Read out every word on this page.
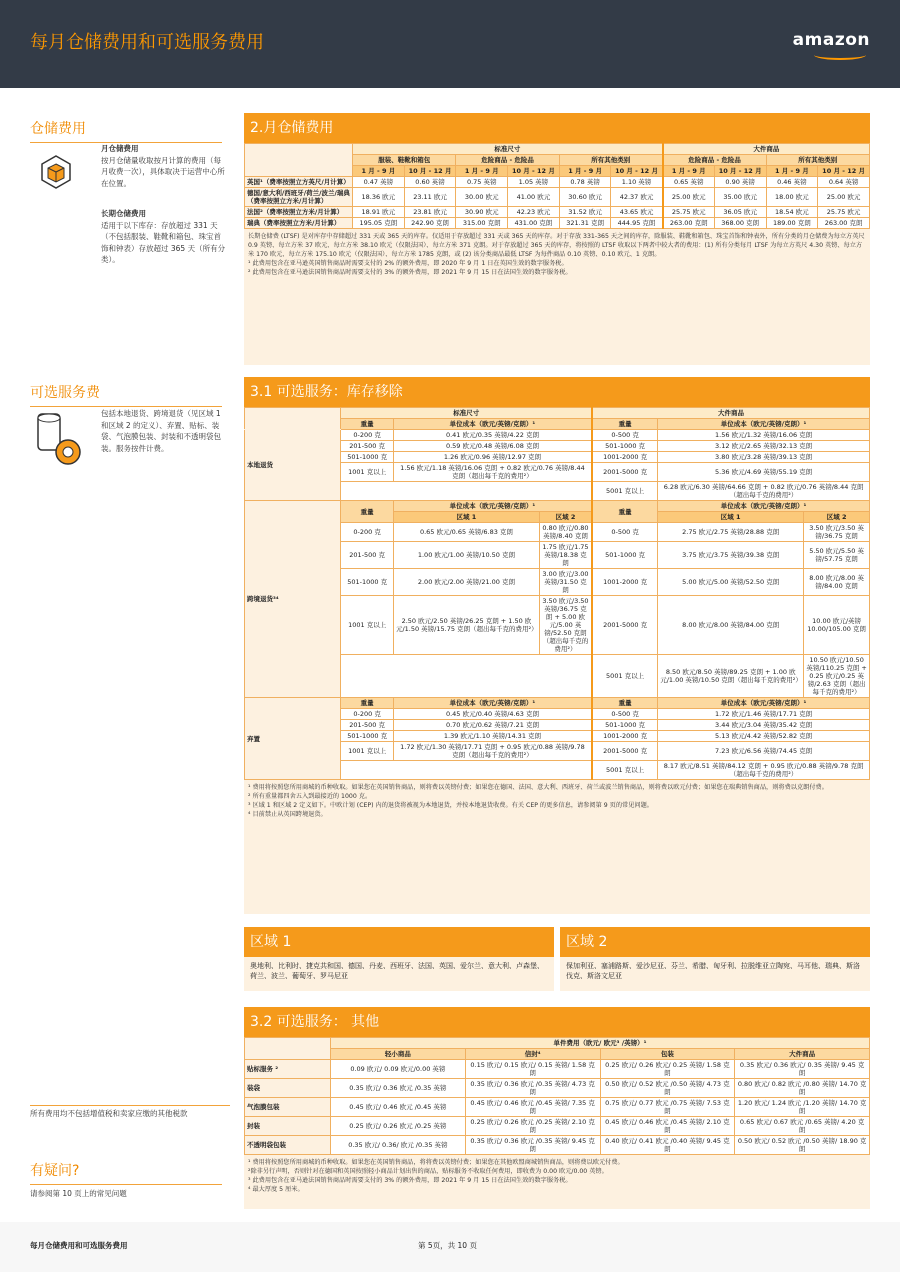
每月仓储费用和可选服务费用	amazon
仓储费用
月仓储费用
按月仓储量收取按月计算的费用（每月收费一次），具体取决于运营中心所在位置。
长期仓储费用
适用于以下库存：存放超过 331 天（不包括服装、鞋靴和箱包、珠宝首饰和钟表）存放超过 365 天（所有分类）。
可选服务费
包括本地退货、跨境退货（见区域 1 和区域 2 的定义）、弃置、贴标、装袋、气泡膜包装、封装和不透明袋包装。服务按件计费。
所有费用均不包括增值税和卖家应缴的其他税款
有疑问?
请参阅第 10 页上的常见问题
2.月仓储费用
	标准尺寸						大件商品			
	服装、鞋靴和箱包		危险商品 - 危险品		所有其他类别		危险商品 - 危险品		所有其他类别	
	1 月 - 9 月	10 月 - 12 月	1 月 - 9 月	10 月 - 12 月	1 月 - 9 月	10 月 - 12 月	1 月 - 9 月	10 月 - 12 月	1 月 - 9 月	10 月 - 12 月
英国¹（费率按照立方英尺/月计算）	0.47 英镑	0.60 英镑	0.75 英镑	1.05 英镑	0.78 英镑	1.10 英镑	0.65 英镑	0.90 英镑	0.46 英镑	0.64 英镑
德国/意大利/西班牙/荷兰/波兰/瑞典（费率按照立方米/月计算）	18.36 欧元	23.11 欧元	30.00 欧元	41.00 欧元	30.60 欧元	42.37 欧元	25.00 欧元	35.00 欧元	18.00 欧元	25.00 欧元
法国²（费率按照立方米/月计算）	18.91 欧元	23.81 欧元	30.90 欧元	42.23 欧元	31.52 欧元	43.65 欧元	25.75 欧元	36.05 欧元	18.54 欧元	25.75 欧元
瑞典（费率按照立方米/月计算）	195.05 克朗	242.90 克朗	315.00 克朗	431.00 克朗	321.31 克朗	444.95 克朗	263.00 克朗	368.00 克朗	189.00 克朗	263.00 克朗
长期仓储费 (LTSF) 是对库存中存储超过 331 天或 365 天的库存。仅适用于存放超过 331 天或 365 天的库存。对于存放 331-365 天之间的库存，除服装、鞋靴和箱包、珠宝首饰和钟表外，所有分类的月仓储费为每立方英尺 0.9 英镑、每立方米 37 欧元、每立方米 38.10 欧元（仅限法国）、每立方米 371 克朗。对于存放超过 365 天的库存，将按照的 LTSF 收取以下两者中较大者的费用：(1) 所有分类每月 LTSF 为每立方英尺 4.30 英镑、每立方米 170 欧元、每立方米 175.10 欧元（仅限法国）、每立方米 1785 克朗，或 (2) 该分类商品最低 LTSF 为每件商品 0.10 英镑、0.10 欧元、1 克朗。
¹ 此费用包含在亚马逊英国销售商品时需要支付的 2% 的额外费用，即 2020 年 9 月 1 日在英国生效的数字服务税。
² 此费用包含在亚马逊法国销售商品时需要支付的 3% 的额外费用，即 2021 年 9 月 15 日在法国生效的数字服务税。
3.1 可选服务：库存移除
	标准尺寸			大件商品		
	重量	单位成本（欧元/英镑/克朗）¹		重量	单位成本（欧元/英镑/克朗）¹	
本地退货	0-200 克	0.41 欧元/0.35 英镑/4.22 克朗		0-500 克	1.56 欧元/1.32 英镑/16.06 克朗	
	201-500 克	0.59 欧元/0.48 英镑/6.08 克朗		501-1000 克	3.12 欧元/2.65 英镑/32.13 克朗	
	501-1000 克	1.26 欧元/0.96 英镑/12.97 克朗		1001-2000 克	3.80 欧元/3.28 英镑/39.13 克朗	
	1001 克以上	1.56 欧元/1.18 英镑/16.06 克朗 + 0.82 欧元/0.76 英镑/8.44 克朗（超出每千克的费用²）		2001-5000 克	5.36 欧元/4.69 英镑/55.19 克朗	
				5001 克以上	6.28 欧元/6.30 英镑/64.66 克朗 + 0.82 欧元/0.76 英镑/8.44 克朗（超出每千克的费用²）	
跨境退货³⁴	重量	单位成本（欧元/英镑/克朗）¹		重量	单位成本（欧元/英镑/克朗）¹	
		区域 1	区域 2		区域 1	区域 2
	0-200 克	0.65 欧元/0.65 英镑/6.83 克朗	0.80 欧元/0.80 英镑/8.40 克朗	0-500 克	2.75 欧元/2.75 英镑/28.88 克朗	3.50 欧元/3.50 英镑/36.75 克朗
	201-500 克	1.00 欧元/1.00 英镑/10.50 克朗	1.75 欧元/1.75 英镑/18.38 克朗	501-1000 克	3.75 欧元/3.75 英镑/39.38 克朗	5.50 欧元/5.50 英镑/57.75 克朗
	501-1000 克	2.00 欧元/2.00 英镑/21.00 克朗	3.00 欧元/3.00 英镑/31.50 克朗	1001-2000 克	5.00 欧元/5.00 英镑/52.50 克朗	8.00 欧元/8.00 英镑/84.00 克朗
	1001 克以上	2.50 欧元/2.50 英镑/26.25 克朗 + 1.50 欧元/1.50 英镑/15.75 克朗（超出每千克的费用²）	3.50 欧元/3.50 英镑/36.75 克朗 + 5.00 欧元/5.00 英镑/52.50 克朗（超出每千克的费用²）	2001-5000 克	8.00 欧元/8.00 英镑/84.00 克朗	10.00 欧元/英镑 10.00/105.00 克朗
				5001 克以上	8.50 欧元/8.50 英镑/89.25 克朗 + 1.00 欧元/1.00 英镑/10.50 克朗（超出每千克的费用²）	10.50 欧元/10.50 英镑/110.25 克朗 + 0.25 欧元/0.25 英镑/2.63 克朗（超出每千克的费用²）

弃置	重量	单位成本（欧元/英镑/克朗）¹		重量	单位成本（欧元/英镑/克朗）¹	
	0-200 克	0.45 欧元/0.40 英镑/4.63 克朗		0-500 克	1.72 欧元/1.46 英镑/17.71 克朗	
	201-500 克	0.70 欧元/0.62 英镑/7.21 克朗		501-1000 克	3.44 欧元/3.04 英镑/35.42 克朗	
	501-1000 克	1.39 欧元/1.10 英镑/14.31 克朗		1001-2000 克	5.13 欧元/4.42 英镑/52.82 克朗	
	1001 克以上	1.72 欧元/1.30 英镑/17.71 克朗 + 0.95 欧元/0.88 英镑/9.78 克朗（超出每千克的费用²）		2001-5000 克	7.23 欧元/6.56 英镑/74.45 克朗	
				5001 克以上	8.17 欧元/8.51 英镑/84.12 克朗 + 0.95 欧元/0.88 英镑/9.78 克朗（超出每千克的费用²）	
¹ 费用将按照您所用商城的币种收取。如果您在英国销售商品，则将费以英镑付费；如果您在德国、法国、意大利、西班牙、荷兰或波兰销售商品，则将费以欧元付费；如果您在瑞典销售商品，则将费以克朗付费。
² 所有重量都四舍五入到最接近的 1000 克。
³ 区域 1 和区域 2 定义如下。中欧计划 (CEP) 内的退货将被视为本地退货，并按本地退货收费。有关 CEP 的更多信息，请参阅第 9 页的常见问题。
⁴ 目前禁止从英国跨境退货。
区域 1
奥地利、比利时、捷克共和国、德国、丹麦、西班牙、法国、英国、爱尔兰、意大利、卢森堡、荷兰、波兰、葡萄牙、罗马尼亚
区域 2
保加利亚、塞浦路斯、爱沙尼亚、芬兰、希腊、匈牙利、拉脱维亚立陶宛、马耳他、瑞典、斯洛伐克、斯洛文尼亚
3.2 可选服务： 其他
	单件费用（欧元/ 欧元³ /英镑）¹			
	轻小商品	信封⁴	包装	大件商品
贴标服务 ²	0.09 欧元/ 0.09 欧元/0.00 英镑	0.15 欧元/ 0.15 欧元/ 0.15 英镑/ 1.58 克朗	0.25 欧元/ 0.26 欧元/ 0.25 英镑/ 1.58 克朗	0.35 欧元/ 0.36 欧元/ 0.35 英镑/ 9.45 克朗
装袋	0.35 欧元/ 0.36 欧元 /0.35 英镑	0.35 欧元/ 0.36 欧元 /0.35 英镑/ 4.73 克朗	0.50 欧元/ 0.52 欧元 /0.50 英镑/ 4.73 克朗	0.80 欧元/ 0.82 欧元 /0.80 英镑/ 14.70 克朗
气泡膜包装	0.45 欧元/ 0.46 欧元 /0.45 英镑	0.45 欧元/ 0.46 欧元 /0.45 英镑/ 7.35 克朗	0.75 欧元/ 0.77 欧元 /0.75 英镑/ 7.53 克朗	1.20 欧元/ 1.24 欧元 /1.20 英镑/ 14.70 克朗
封装	0.25 欧元/ 0.26 欧元 /0.25 英镑	0.25 欧元/ 0.26 欧元 /0.25 英镑/ 2.10 克朗	0.45 欧元/ 0.46 欧元 /0.45 英镑/ 2.10 克朗	0.65 欧元/ 0.67 欧元 /0.65 英镑/ 4.20 克朗
不透明袋包装	0.35 欧元/ 0.36/ 欧元 /0.35 英镑	0.35 欧元/ 0.36 欧元 /0.35 英镑/ 9.45 克朗	0.40 欧元/ 0.41 欧元 /0.40 英镑/ 9.45 克朗	0.50 欧元/ 0.52 欧元 /0.50 英镑/ 18.90 克朗
¹ 费用将按照您所用商城的币种收取。如果您在英国销售商品，将将费以英镑付费；如果您在其他欧盟商城销售商品，则将费以欧元付费。
²除非另行声明，否则针对在德国和英国按照轻小商品计划出售的商品，贴标服务不收取任何费用，即收费为 0.00 欧元/0.00 英镑。
³ 此费用包含在亚马逊法国销售商品时需要支付的 3% 的额外费用，即 2021 年 9 月 15 日在法国生效的数字服务税。
⁴ 最大厚度 5 厘米。
每月仓储费用和可选服务费用	第 5页，共 10 页
